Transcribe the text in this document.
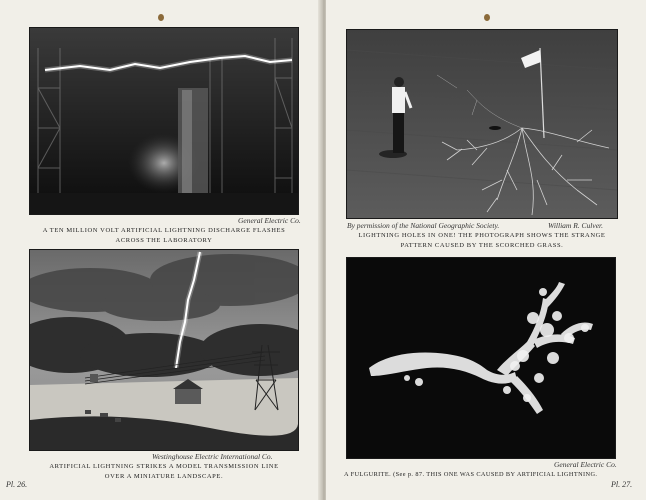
General Electric Co.
A TEN MILLION VOLT ARTIFICIAL LIGHTNING DISCHARGE FLASHES
ACROSS THE LABORATORY
Westinghouse Electric International Co.
ARTIFICIAL LIGHTNING STRIKES A MODEL TRANSMISSION LINE
OVER A MINIATURE LANDSCAPE.
Pl. 26.
By permission of the National Geographic Society.	William R. Culver.
LIGHTNING HOLES IN ONE! THE PHOTOGRAPH SHOWS THE STRANGE
PATTERN CAUSED BY THE SCORCHED GRASS.
General Electric Co.
A FULGURITE. (See p. 87. THIS ONE WAS CAUSED BY ARTIFICIAL LIGHTNING.
Pl. 27.
